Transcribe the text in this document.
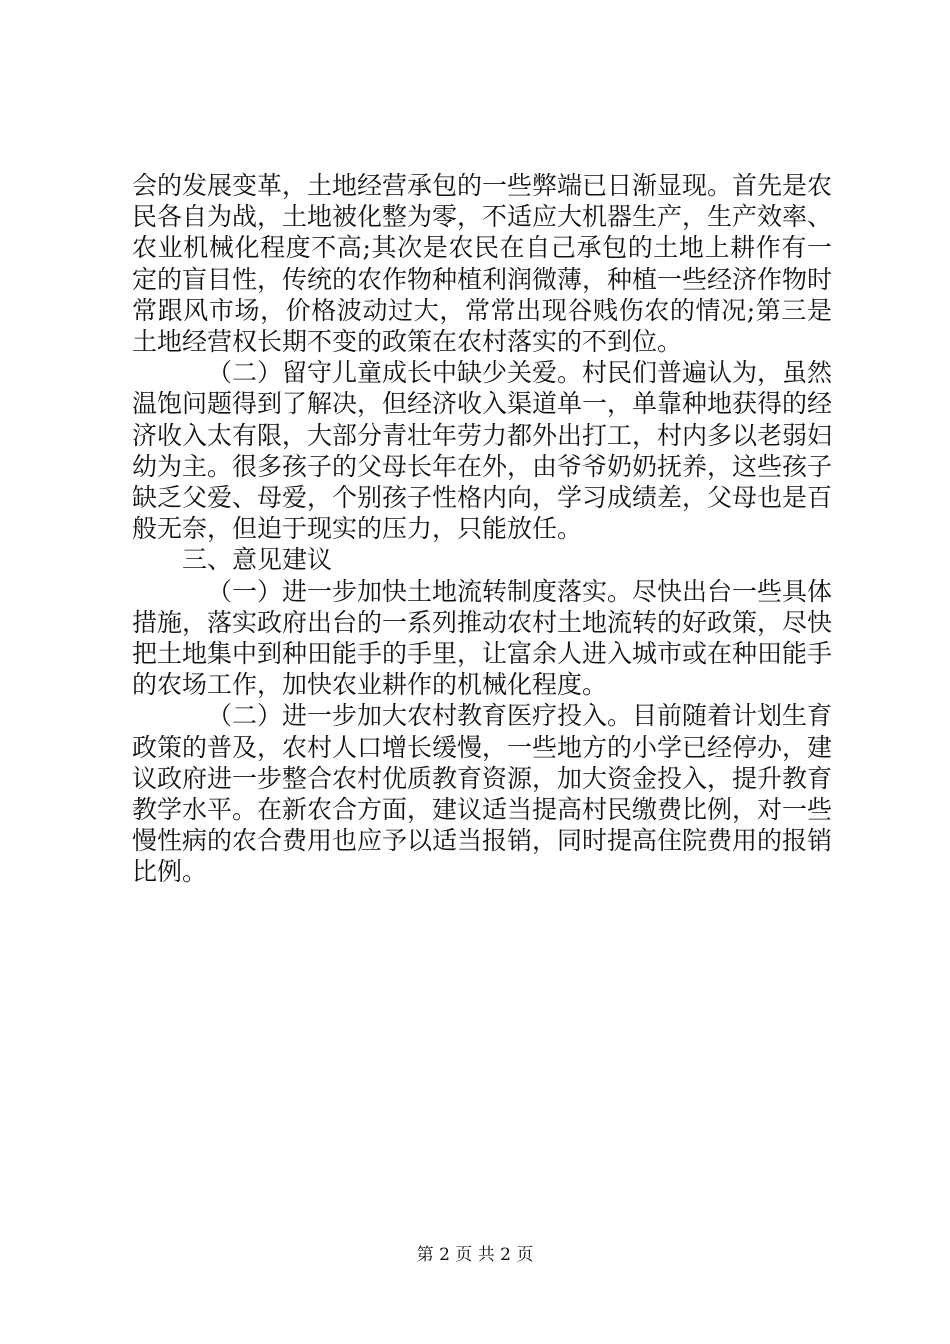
会的发展变革，土地经营承包的一些弊端已日渐显现。首先是农民各自为战，土地被化整为零，不适应大机器生产，生产效率、农业机械化程度不高;其次是农民在自己承包的土地上耕作有一定的盲目性，传统的农作物种植利润微薄，种植一些经济作物时常跟风市场，价格波动过大，常常出现谷贱伤农的情况;第三是土地经营权长期不变的政策在农村落实的不到位。

（二）留守儿童成长中缺少关爱。村民们普遍认为，虽然温饱问题得到了解决，但经济收入渠道单一，单靠种地获得的经济收入太有限，大部分青壮年劳力都外出打工，村内多以老弱妇幼为主。很多孩子的父母长年在外，由爷爷奶奶抚养，这些孩子缺乏父爱、母爱，个别孩子性格内向，学习成绩差，父母也是百般无奈，但迫于现实的压力，只能放任。

三、意见建议

（一）进一步加快土地流转制度落实。尽快出台一些具体措施，落实政府出台的一系列推动农村土地流转的好政策，尽快把土地集中到种田能手的手里，让富余人进入城市或在种田能手的农场工作，加快农业耕作的机械化程度。

（二）进一步加大农村教育医疗投入。目前随着计划生育政策的普及，农村人口增长缓慢，一些地方的小学已经停办，建议政府进一步整合农村优质教育资源，加大资金投入，提升教育教学水平。在新农合方面，建议适当提高村民缴费比例，对一些慢性病的农合费用也应予以适当报销，同时提高住院费用的报销比例。

第 2 页 共 2 页
